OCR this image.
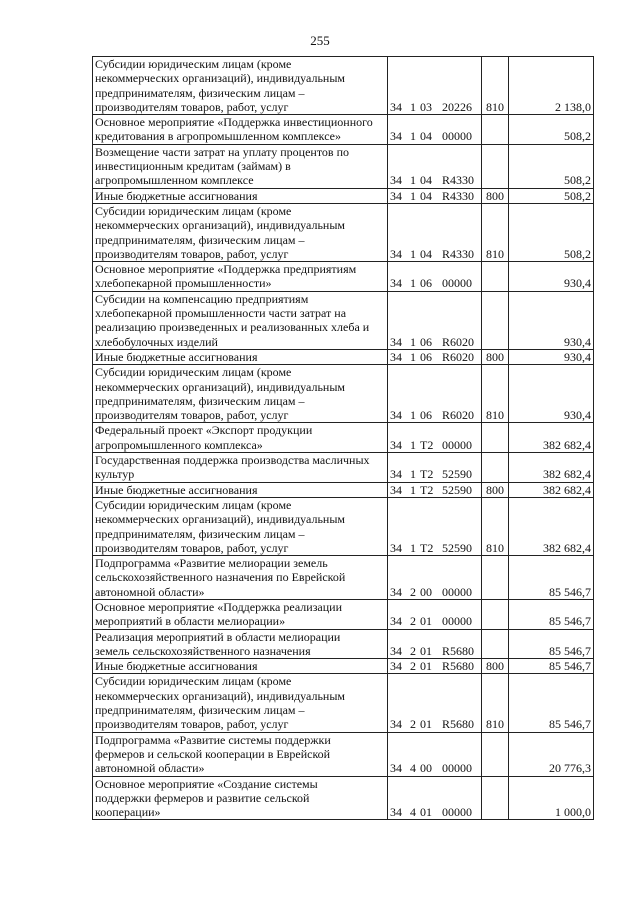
255
Субсидии юридическим лицам (кроме
некоммерческих организаций), индивидуальным
предпринимателям, физическим лицам –
производителям товаров, работ, услуг	34 1 03 20226	810	2 138,0
Основное мероприятие «Поддержка инвестиционного
кредитования в агропромышленном комплексе»	34 1 04 00000		508,2
Возмещение части затрат на уплату процентов по
инвестиционным кредитам (займам) в
агропромышленном комплексе	34 1 04 R4330		508,2
Иные бюджетные ассигнования	34 1 04 R4330	800	508,2
Субсидии юридическим лицам (кроме
некоммерческих организаций), индивидуальным
предпринимателям, физическим лицам –
производителям товаров, работ, услуг	34 1 04 R4330	810	508,2
Основное мероприятие «Поддержка предприятиям
хлебопекарной промышленности»	34 1 06 00000		930,4
Субсидии на компенсацию предприятиям
хлебопекарной промышленности части затрат на
реализацию произведенных и реализованных хлеба и
хлебобулочных изделий	34 1 06 R6020		930,4
Иные бюджетные ассигнования	34 1 06 R6020	800	930,4
Субсидии юридическим лицам (кроме
некоммерческих организаций), индивидуальным
предпринимателям, физическим лицам –
производителям товаров, работ, услуг	34 1 06 R6020	810	930,4
Федеральный проект «Экспорт продукции
агропромышленного комплекса»	34 1 T2 00000		382 682,4
Государственная поддержка производства масличных
культур	34 1 T2 52590		382 682,4
Иные бюджетные ассигнования	34 1 T2 52590	800	382 682,4
Субсидии юридическим лицам (кроме
некоммерческих организаций), индивидуальным
предпринимателям, физическим лицам –
производителям товаров, работ, услуг	34 1 T2 52590	810	382 682,4
Подпрограмма «Развитие мелиорации земель
сельскохозяйственного назначения по Еврейской
автономной области»	34 2 00 00000		85 546,7
Основное мероприятие «Поддержка реализации
мероприятий в области мелиорации»	34 2 01 00000		85 546,7
Реализация мероприятий в области мелиорации
земель сельскохозяйственного назначения	34 2 01 R5680		85 546,7
Иные бюджетные ассигнования	34 2 01 R5680	800	85 546,7
Субсидии юридическим лицам (кроме
некоммерческих организаций), индивидуальным
предпринимателям, физическим лицам –
производителям товаров, работ, услуг	34 2 01 R5680	810	85 546,7
Подпрограмма «Развитие системы поддержки
фермеров и сельской кооперации в Еврейской
автономной области»	34 4 00 00000		20 776,3
Основное мероприятие «Создание системы
поддержки фермеров и развитие сельской
кооперации»	34 4 01 00000		1 000,0
